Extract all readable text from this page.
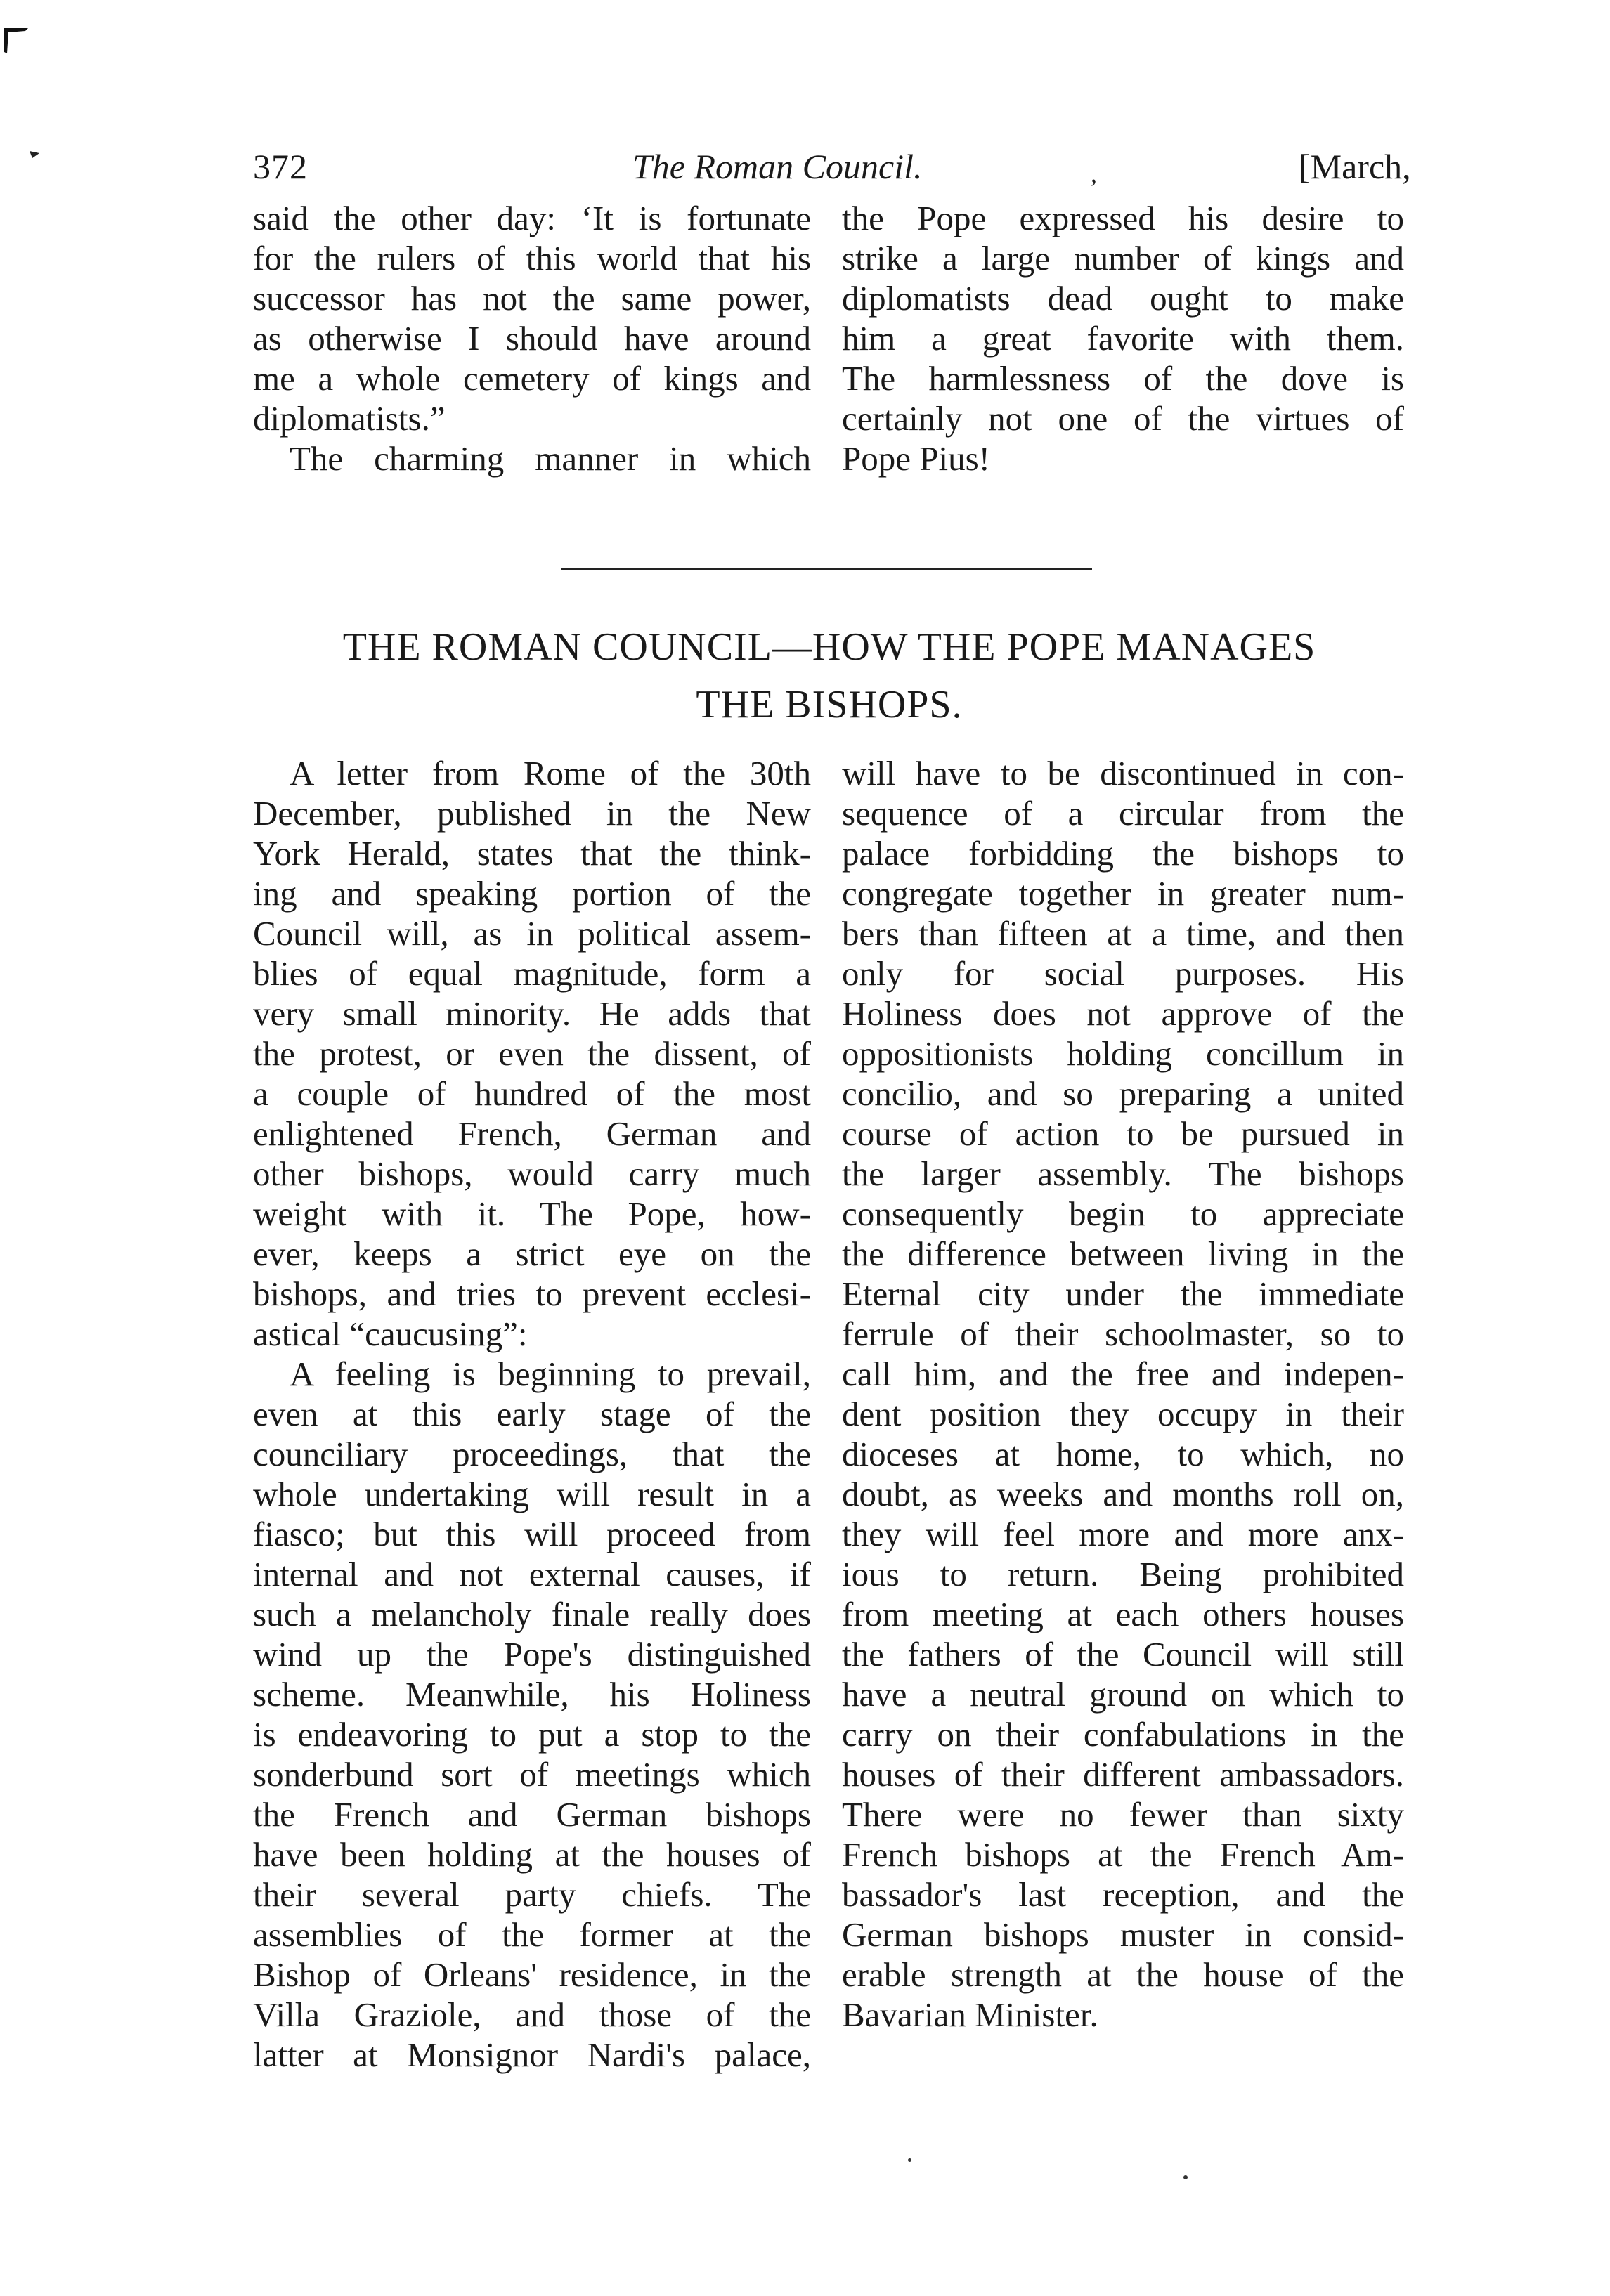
372	The Roman Council.	,	[March,
said the other day: ‘It is fortunate
for the rulers of this world that his
successor has not the same power,
as otherwise I should have around
me a whole cemetery of kings and
diplomatists.”
The charming manner in which
the Pope expressed his desire to
strike a large number of kings and
diplomatists dead ought to make
him a great favorite with them.
The harmlessness of the dove is
certainly not one of the virtues of
Pope Pius!
THE ROMAN COUNCIL—HOW THE POPE MANAGES
THE BISHOPS.
A letter from Rome of the 30th
December, published in the New
York Herald, states that the think-
ing and speaking portion of the
Council will, as in political assem-
blies of equal magnitude, form a
very small minority. He adds that
the protest, or even the dissent, of
a couple of hundred of the most
enlightened French, German and
other bishops, would carry much
weight with it. The Pope, how-
ever, keeps a strict eye on the
bishops, and tries to prevent ecclesi-
astical “caucusing”:
A feeling is beginning to prevail,
even at this early stage of the
counciliary proceedings, that the
whole undertaking will result in a
fiasco; but this will proceed from
internal and not external causes, if
such a melancholy finale really does
wind up the Pope's distinguished
scheme. Meanwhile, his Holiness
is endeavoring to put a stop to the
sonderbund sort of meetings which
the French and German bishops
have been holding at the houses of
their several party chiefs. The
assemblies of the former at the
Bishop of Orleans' residence, in the
Villa Graziole, and those of the
latter at Monsignor Nardi's palace,
will have to be discontinued in con-
sequence of a circular from the
palace forbidding the bishops to
congregate together in greater num-
bers than fifteen at a time, and then
only for social purposes. His
Holiness does not approve of the
oppositionists holding concillum in
concilio, and so preparing a united
course of action to be pursued in
the larger assembly. The bishops
consequently begin to appreciate
the difference between living in the
Eternal city under the immediate
ferrule of their schoolmaster, so to
call him, and the free and indepen-
dent position they occupy in their
dioceses at home, to which, no
doubt, as weeks and months roll on,
they will feel more and more anx-
ious to return. Being prohibited
from meeting at each others houses
the fathers of the Council will still
have a neutral ground on which to
carry on their confabulations in the
houses of their different ambassadors.
There were no fewer than sixty
French bishops at the French Am-
bassador's last reception, and the
German bishops muster in consid-
erable strength at the house of the
Bavarian Minister.
